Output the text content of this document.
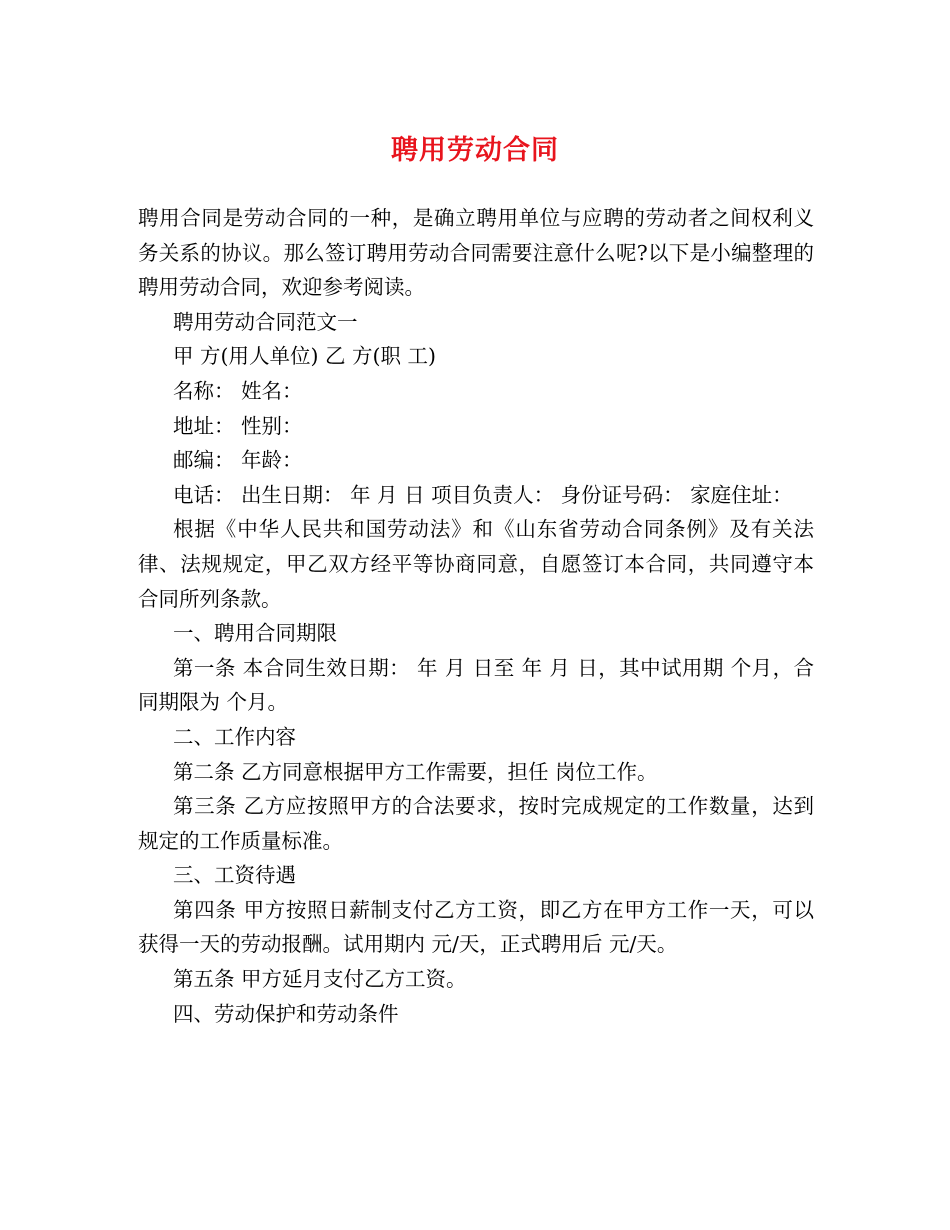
聘用劳动合同

聘用合同是劳动合同的一种，是确立聘用单位与应聘的劳动者之间权利义务关系的协议。那么签订聘用劳动合同需要注意什么呢?以下是小编整理的聘用劳动合同，欢迎参考阅读。

聘用劳动合同范文一

甲 方(用人单位) 乙 方(职 工)

名称： 姓名：

地址： 性别：

邮编： 年龄：

电话： 出生日期： 年 月 日 项目负责人： 身份证号码： 家庭住址：

根据《中华人民共和国劳动法》和《山东省劳动合同条例》及有关法律、法规规定，甲乙双方经平等协商同意，自愿签订本合同，共同遵守本合同所列条款。

一、聘用合同期限

第一条 本合同生效日期： 年 月 日至 年 月 日，其中试用期 个月，合同期限为 个月。

二、工作内容

第二条 乙方同意根据甲方工作需要，担任 岗位工作。

第三条 乙方应按照甲方的合法要求，按时完成规定的工作数量，达到规定的工作质量标准。

三、工资待遇

第四条 甲方按照日薪制支付乙方工资，即乙方在甲方工作一天，可以获得一天的劳动报酬。试用期内 元/天，正式聘用后 元/天。

第五条 甲方延月支付乙方工资。

四、劳动保护和劳动条件
